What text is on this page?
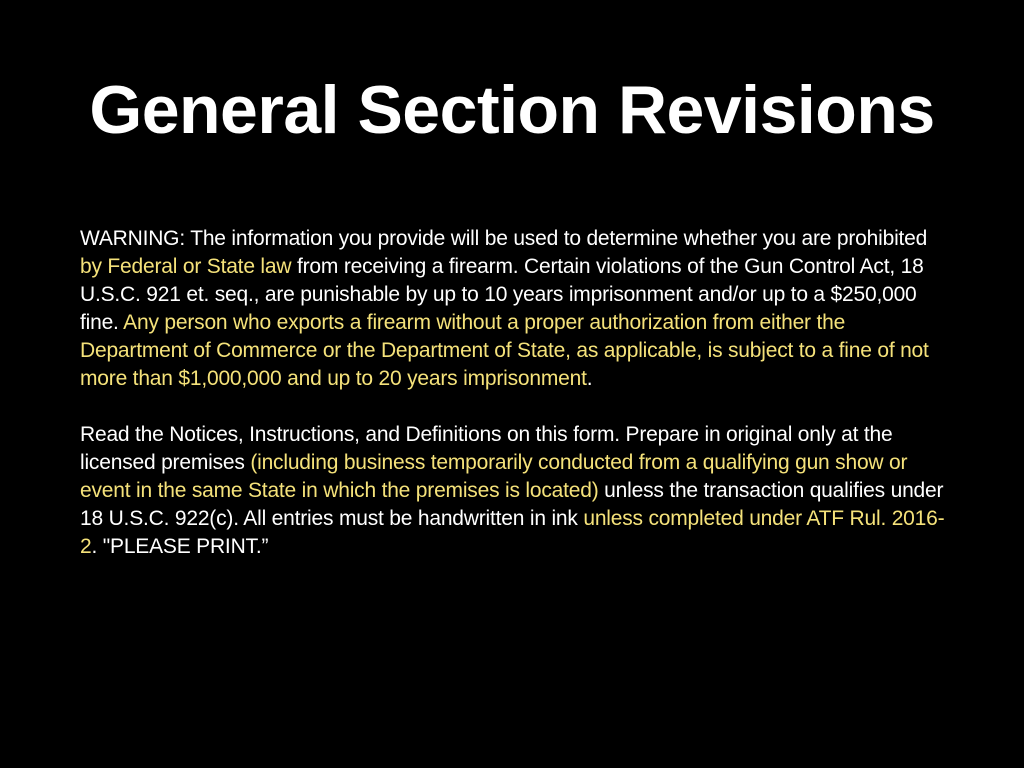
General Section Revisions

WARNING: The information you provide will be used to determine whether you are prohibited by Federal or State law from receiving a firearm. Certain violations of the Gun Control Act, 18 U.S.C. 921 et. seq., are punishable by up to 10 years imprisonment and/or up to a $250,000 fine. Any person who exports a firearm without a proper authorization from either the Department of Commerce or the Department of State, as applicable, is subject to a fine of not more than $1,000,000 and up to 20 years imprisonment.

Read the Notices, Instructions, and Definitions on this form. Prepare in original only at the licensed premises (including business temporarily conducted from a qualifying gun show or event in the same State in which the premises is located) unless the transaction qualifies under 18 U.S.C. 922(c). All entries must be handwritten in ink unless completed under ATF Rul. 2016-2. "PLEASE PRINT.”
